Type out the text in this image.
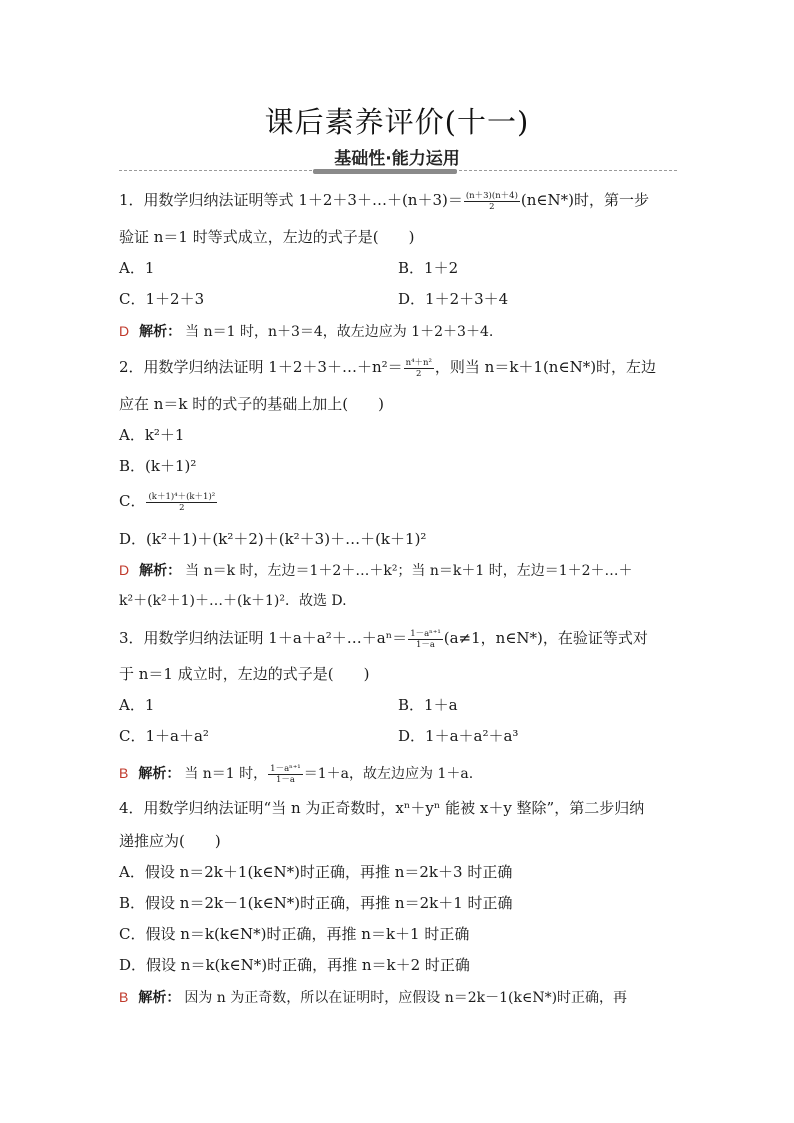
课后素养评价(十一)
基础性·能力运用
1．用数学归纳法证明等式 1＋2＋3＋…＋(n＋3)＝ $\frac{(n+3)(n+4)}{2}$ (n∈N*)时，第一步
验证 n＝1 时等式成立，左边的式子是(　　)
A．1	B．1＋2
C．1＋2＋3	D．1＋2＋3＋4
D 解析： 当 n＝1 时，n＋3＝4，故左边应为 1＋2＋3＋4.
2．用数学归纳法证明 1＋2＋3＋…＋n²＝ $\frac{\text{n⁴＋n²}}{2}$ ，则当 n＝k＋1(n∈N*)时，左边
应在 n＝k 时的式子的基础上加上(　　)
A．k²＋1
B．(k＋1)²
C． $\frac{\text{(k＋1)⁴＋(k＋1)²}}{2}$
D．(k²＋1)＋(k²＋2)＋(k²＋3)＋…＋(k＋1)²
D 解析： 当 n＝k 时，左边＝1＋2＋…＋k²；当 n＝k＋1 时，左边＝1＋2＋…＋
k²＋(k²＋1)＋…＋(k＋1)²．故选 D.
3．用数学归纳法证明 1＋a＋a²＋…＋aⁿ＝ $\frac{\text{1－aⁿ⁺¹}}{1-a} (a\ne 1$，n∈N*)，在验证等式对
于 n＝1 成立时，左边的式子是(　　)
A．1	B．1＋a
C．1＋a＋a²	D．1＋a＋a²＋a³
B 解析： 当 n＝1 时， $\frac{\text{1－aⁿ⁺¹}}{1-a} =1+a$，故左边应为 1＋a.
4．用数学归纳法证明“当 n 为正奇数时，xⁿ＋yⁿ 能被 x＋y 整除”，第二步归纳
递推应为(　　)
A．假设 n＝2k＋1(k∈N*)时正确，再推 n＝2k＋3 时正确
B．假设 n＝2k－1(k∈N*)时正确，再推 n＝2k＋1 时正确
C．假设 n＝k(k∈N*)时正确，再推 n＝k＋1 时正确
D．假设 n＝k(k∈N*)时正确，再推 n＝k＋2 时正确
B 解析： 因为 n 为正奇数，所以在证明时，应假设 n＝2k－1(k∈N*)时正确，再
